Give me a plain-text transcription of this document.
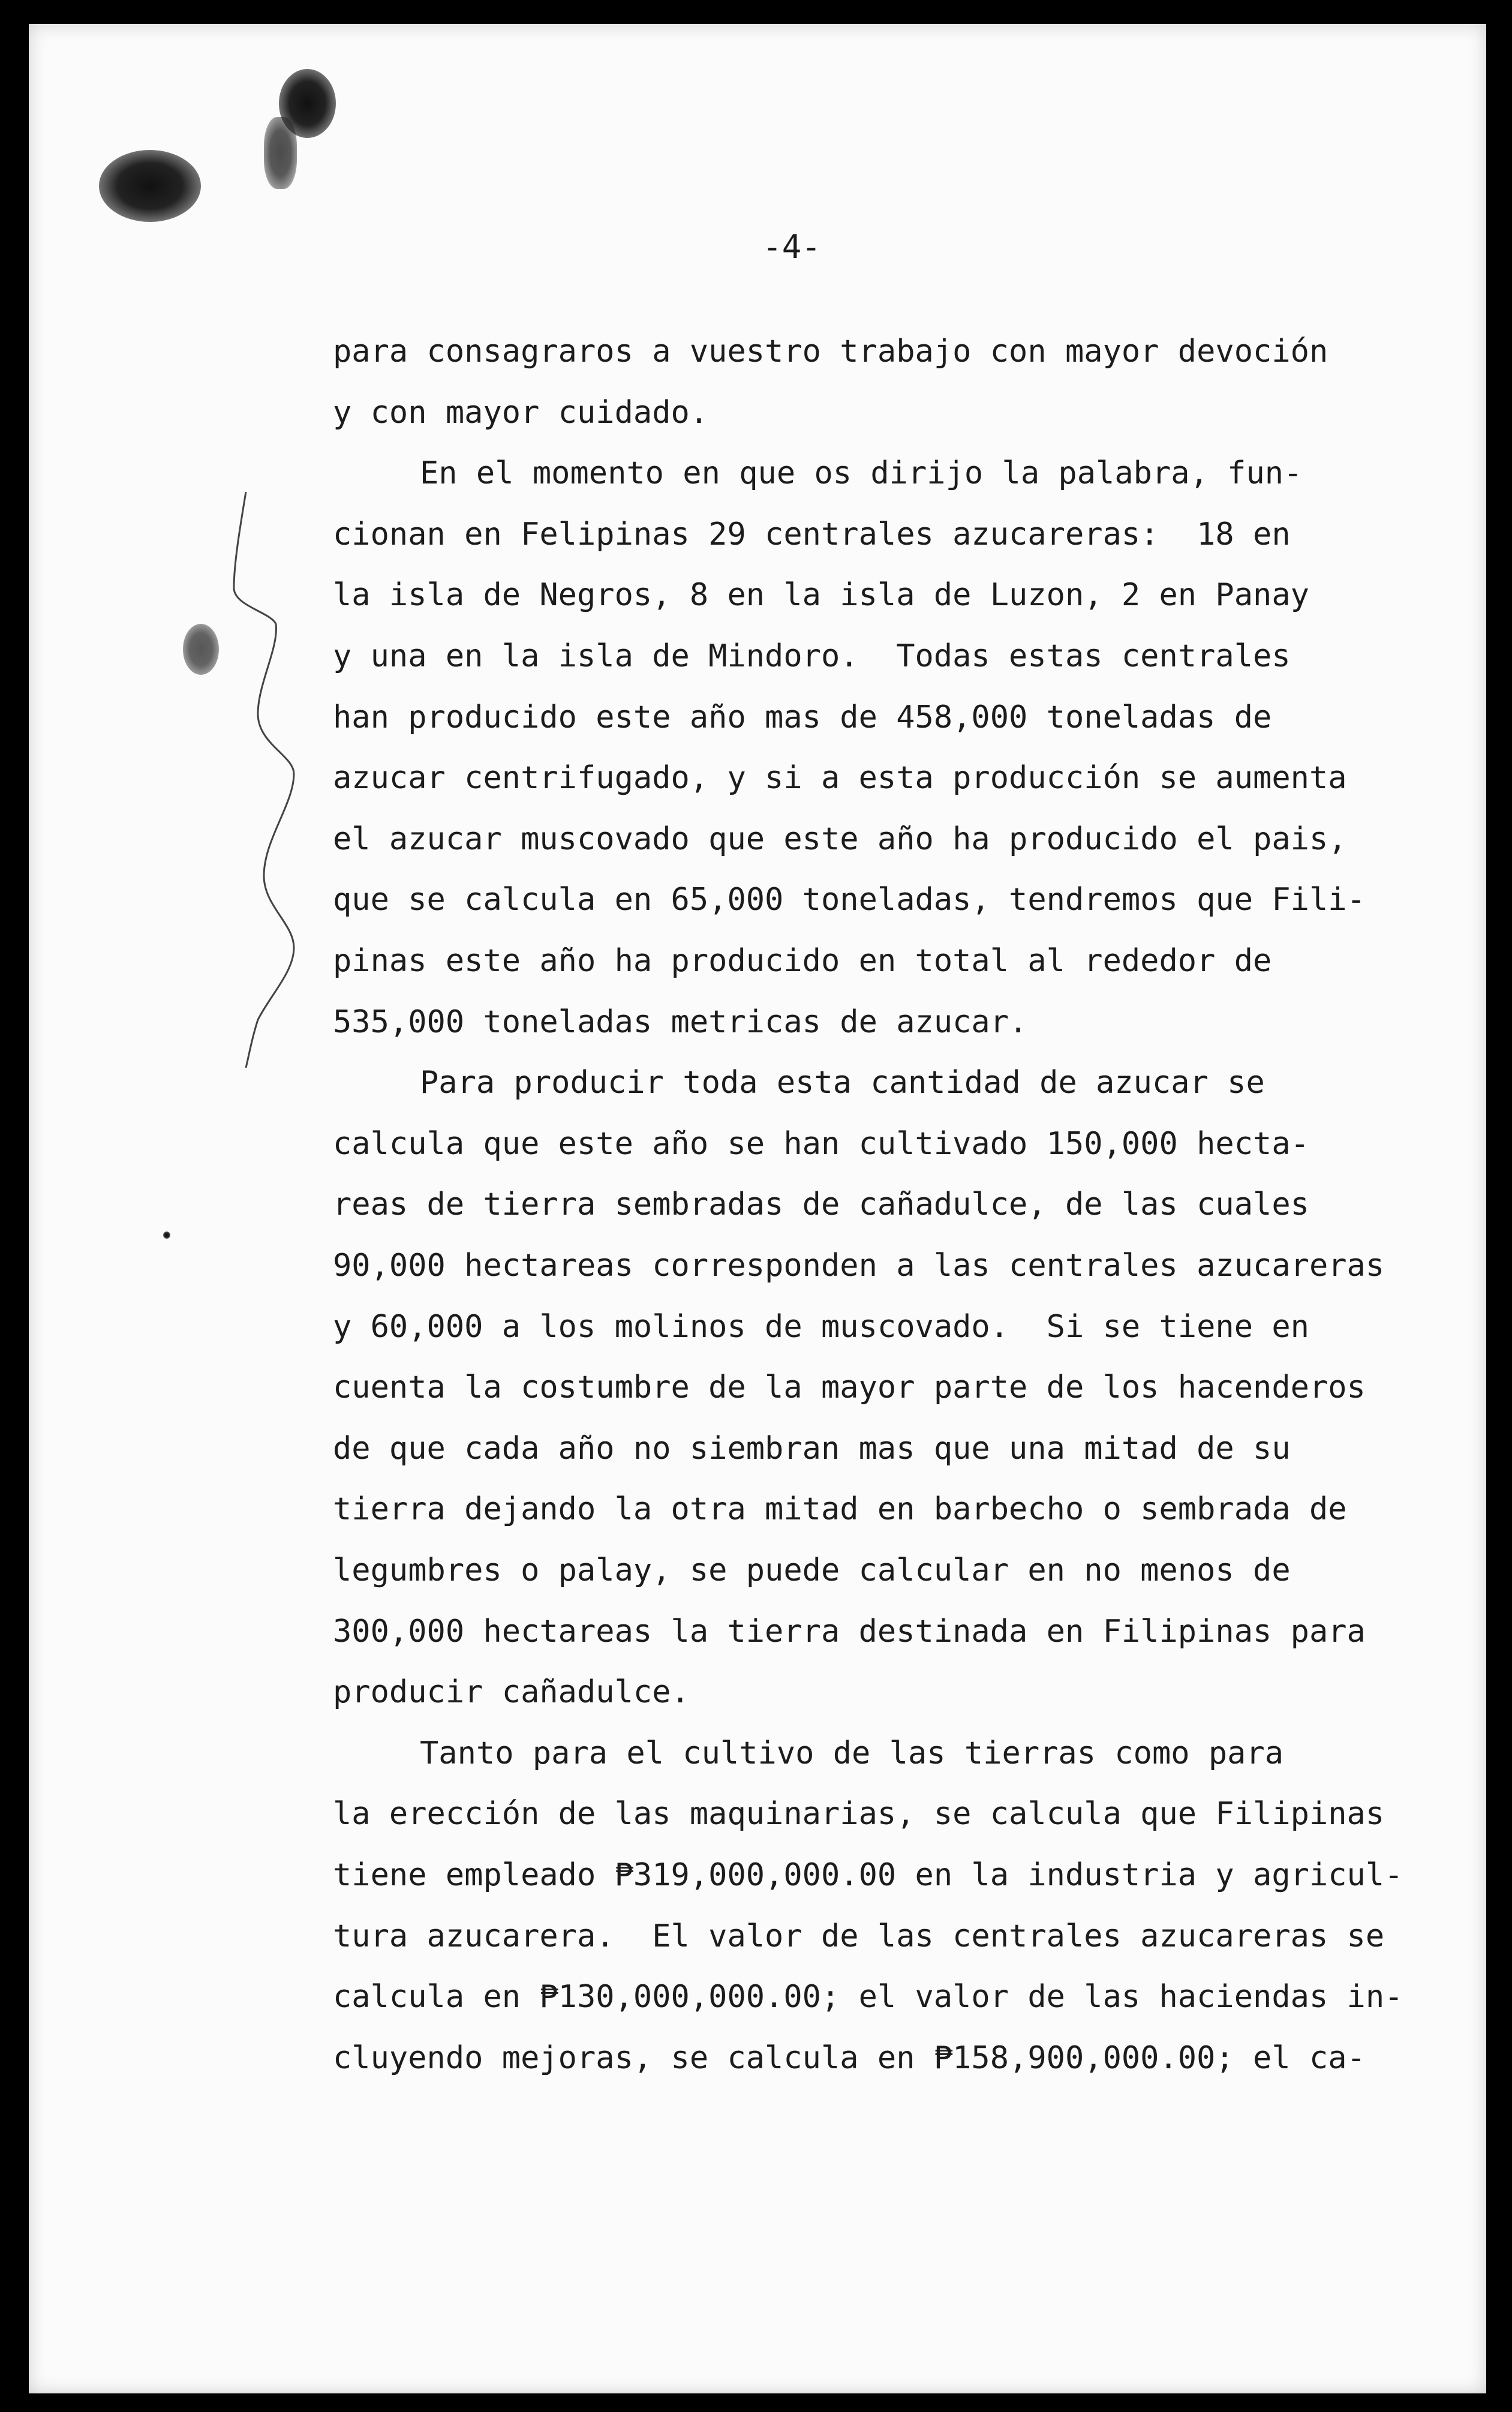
-4-
para consagraros a vuestro trabajo con mayor devoción
y con mayor cuidado.
En el momento en que os dirijo la palabra, fun-
cionan en Felipinas 29 centrales azucareras:  18 en
la isla de Negros, 8 en la isla de Luzon, 2 en Panay
y una en la isla de Mindoro.  Todas estas centrales
han producido este año mas de 458,000 toneladas de
azucar centrifugado, y si a esta producción se aumenta
el azucar muscovado que este año ha producido el pais,
que se calcula en 65,000 toneladas, tendremos que Fili-
pinas este año ha producido en total al rededor de
535,000 toneladas metricas de azucar.
Para producir toda esta cantidad de azucar se
calcula que este año se han cultivado 150,000 hecta-
reas de tierra sembradas de cañadulce, de las cuales
90,000 hectareas corresponden a las centrales azucareras
y 60,000 a los molinos de muscovado.  Si se tiene en
cuenta la costumbre de la mayor parte de los hacenderos
de que cada año no siembran mas que una mitad de su
tierra dejando la otra mitad en barbecho o sembrada de
legumbres o palay, se puede calcular en no menos de
300,000 hectareas la tierra destinada en Filipinas para
producir cañadulce.
Tanto para el cultivo de las tierras como para
la erección de las maquinarias, se calcula que Filipinas
tiene empleado ₱319,000,000.00 en la industria y agricul-
tura azucarera.  El valor de las centrales azucareras se
calcula en ₱130,000,000.00; el valor de las haciendas in-
cluyendo mejoras, se calcula en ₱158,900,000.00; el ca-
